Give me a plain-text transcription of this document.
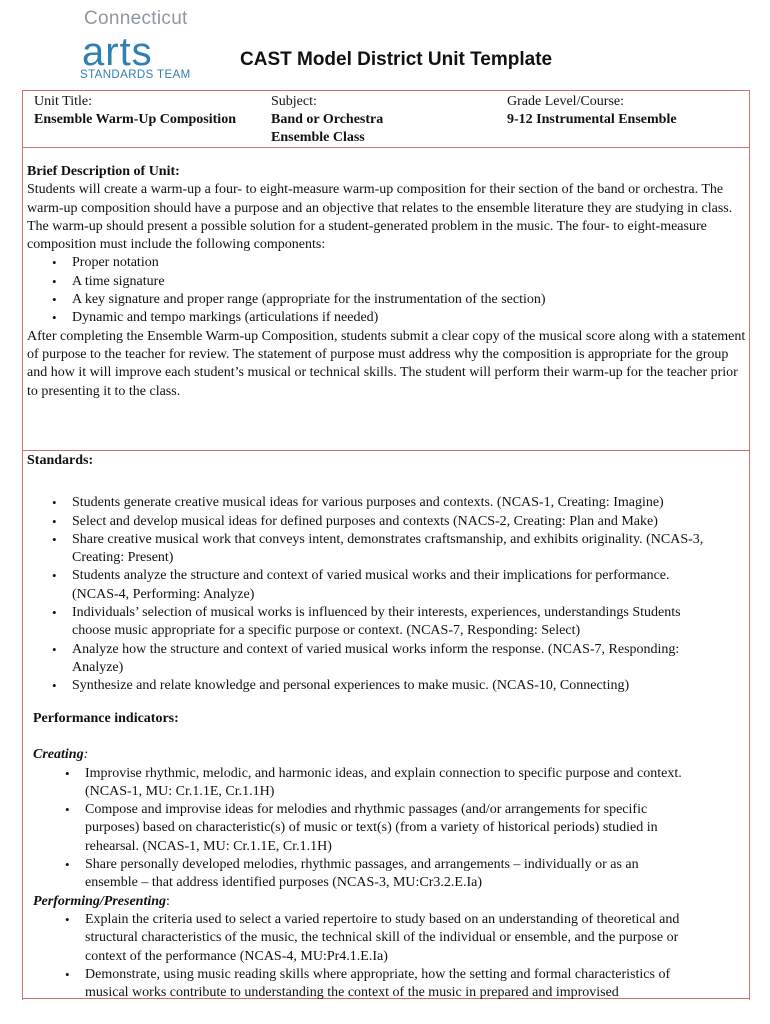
Connecticut
arts
STANDARDS TEAM
CAST Model District Unit Template
Unit Title:
Ensemble Warm-Up Composition
Subject:
Band or Orchestra
Ensemble Class
Grade Level/Course:
9-12 Instrumental Ensemble

Brief Description of Unit:

Students will create a warm-up a four- to eight-measure warm-up composition for their section of the band or orchestra. The warm-up composition should have a purpose and an objective that relates to the ensemble literature they are studying in class. The warm-up should present a possible solution for a student-generated problem in the music. The four- to eight-measure composition must include the following components:

• Proper notation
• A time signature
• A key signature and proper range (appropriate for the instrumentation of the section)
• Dynamic and tempo markings (articulations if needed)

After completing the Ensemble Warm-up Composition, students submit a clear copy of the musical score along with a statement of purpose to the teacher for review. The statement of purpose must address why the composition is appropriate for the group and how it will improve each student’s musical or technical skills. The student will perform their warm-up for the teacher prior to presenting it to the class.

Standards:

• Students generate creative musical ideas for various purposes and contexts. (NCAS-1, Creating: Imagine)
• Select and develop musical ideas for defined purposes and contexts (NACS-2, Creating: Plan and Make)
• Share creative musical work that conveys intent, demonstrates craftsmanship, and exhibits originality. (NCAS-3, Creating: Present)
• Students analyze the structure and context of varied musical works and their implications for performance. (NCAS-4, Performing: Analyze)
• Individuals’ selection of musical works is influenced by their interests, experiences, understandings Students choose music appropriate for a specific purpose or context. (NCAS-7, Responding: Select)
• Analyze how the structure and context of varied musical works inform the response. (NCAS-7, Responding: Analyze)
• Synthesize and relate knowledge and personal experiences to make music. (NCAS-10, Connecting)

Performance indicators:

Creating:

• Improvise rhythmic, melodic, and harmonic ideas, and explain connection to specific purpose and context.(NCAS-1, MU: Cr.1.1E, Cr.1.1H)
• Compose and improvise ideas for melodies and rhythmic passages (and/or arrangements for specific purposes) based on characteristic(s) of music or text(s) (from a variety of historical periods) studied in rehearsal. (NCAS-1, MU: Cr.1.1E, Cr.1.1H)
• Share personally developed melodies, rhythmic passages, and arrangements – individually or as an ensemble – that address identified purposes (NCAS-3, MU:Cr3.2.E.Ia)

Performing/Presenting:

• Explain the criteria used to select a varied repertoire to study based on an understanding of theoretical and structural characteristics of the music, the technical skill of the individual or ensemble, and the purpose or context of the performance (NCAS-4, MU:Pr4.1.E.Ia)
• Demonstrate, using music reading skills where appropriate, how the setting and formal characteristics of musical works contribute to understanding the context of the music in prepared and improvised
